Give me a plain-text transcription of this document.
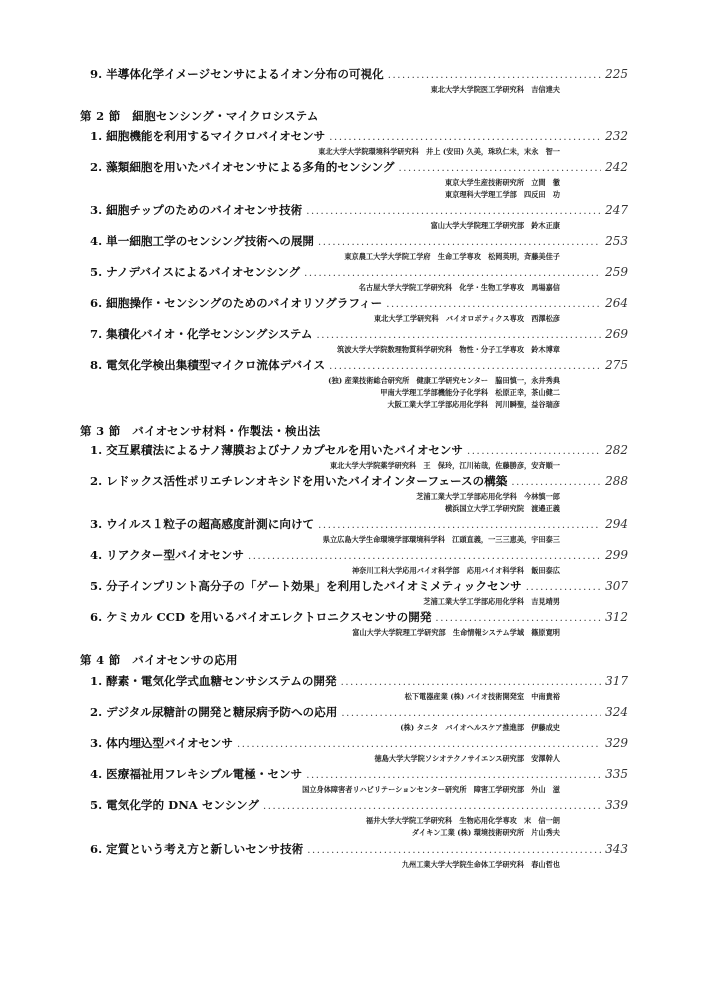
9. 半導体化学イメージセンサによるイオン分布の可視化 .....	225
東北大学大学院医工学研究科　吉信達夫
第 2 節　細胞センシング・マイクロシステム
1. 細胞機能を利用するマイクロバイオセンサ .....	232
東北大学大学院環境科学研究科　井上 (安田) 久美，珠玖仁未，末永　智一
2. 藻類細胞を用いたバイオセンサによる多角的センシング .....	242
東京大学生産技術研究所　立間　徹
東京理科大学理工学部　四反田　功
3. 細胞チップのためのバイオセンサ技術 .....	247
富山大学大学院理工学研究部　鈴木正康
4. 単一細胞工学のセンシング技術への展開 .....	253
東京農工大学大学院工学府　生命工学専攻　松岡英明，斉藤美佳子
5. ナノデバイスによるバイオセンシング .....	259
名古屋大学大学院工学研究科　化学・生物工学専攻　馬場嘉信
6. 細胞操作・センシングのためのバイオリソグラフィー .....	264
東北大学工学研究科　バイオロボティクス専攻　西澤松彦
7. 集積化バイオ・化学センシングシステム .....	269
筑波大学大学院数理物質科学研究科　物性・分子工学専攻　鈴木博章
8. 電気化学検出集積型マイクロ流体デバイス .....	275
(独) 産業技術総合研究所　健康工学研究センター　脇田慎一，永井秀典
甲南大学理工学部機能分子化学科　松原正幸，茶山健二
大阪工業大学工学部応用化学科　河川瞬聖，益谷瑞彦
第 3 節　バイオセンサ材料・作製法・検出法
1. 交互累積法によるナノ薄膜およびナノカプセルを用いたバイオセンサ .....	282
東北大学大学院薬学研究科　王　保玲，江川祐哉，佐藤勝彦，安斉順一
2. レドックス活性ポリエチレンオキシドを用いたバイオインターフェースの構築 .....	288
芝浦工業大学工学部応用化学科　今林慎一郎
横浜国立大学工学研究院　渡邉正義
3. ウイルス１粒子の超高感度計測に向けて .....	294
県立広島大学生命環境学部環境科学科　江頭直義，一三三恵美，宇田泰三
4. リアクター型バイオセンサ .....	299
神奈川工科大学応用バイオ科学部　応用バイオ科学科　飯田泰広
5. 分子インプリント高分子の「ゲート効果」を利用したバイオミメティックセンサ .....	307
芝浦工業大学工学部応用化学科　吉見靖男
6. ケミカル CCD を用いるバイオエレクトロニクスセンサの開発 .....	312
富山大学大学院理工学研究部　生命情報システム学域　篠原寛明
第 4 節　バイオセンサの応用
1. 酵素・電気化学式血糖センサシステムの開発 .....	317
松下電器産業 (株) バイオ技術開発室　中南貴裕
2. デジタル尿糖計の開発と糖尿病予防への応用 .....	324
(株) タニタ　バイオヘルスケア推進部　伊藤成史
3. 体内埋込型バイオセンサ .....	329
徳島大学大学院ソシオテクノサイエンス研究部　安澤幹人
4. 医療福祉用フレキシブル電極・センサ .....	335
国立身体障害者リハビリテーションセンター研究所　障害工学研究部　外山　滋
5. 電気化学的 DNA センシング .....	339
福井大学大学院工学研究科　生物応用化学専攻　末　信一朗
ダイキン工業 (株) 環境技術研究所　片山秀夫
6. 定質という考え方と新しいセンサ技術 .....	343
九州工業大学大学院生命体工学研究科　春山哲也
